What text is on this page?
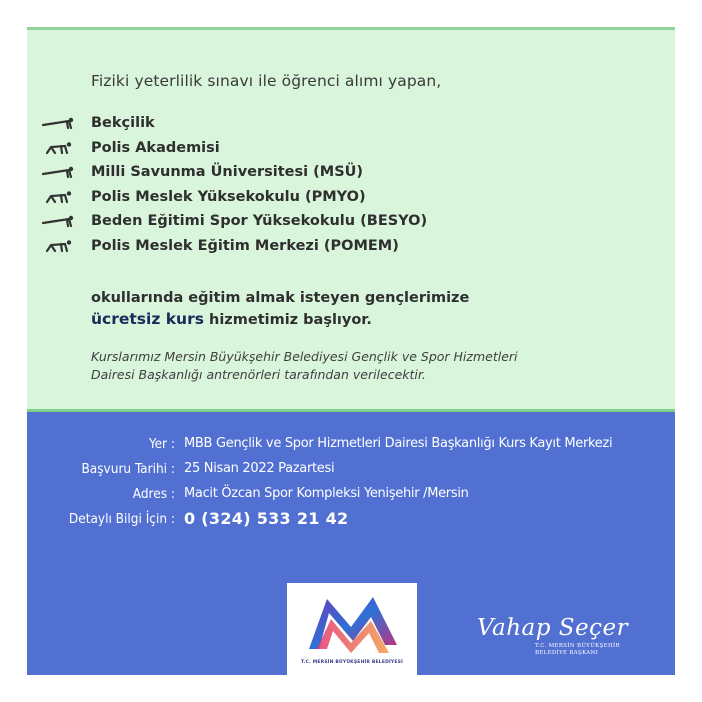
Fiziki yeterlilik sınavı ile öğrenci alımı yapan,
Bekçilik
Polis Akademisi
Milli Savunma Üniversitesi (MSÜ)
Polis Meslek Yüksekokulu (PMYO)
Beden Eğitimi Spor Yüksekokulu (BESYO)
Polis Meslek Eğitim Merkezi (POMEM)
okullarında eğitim almak isteyen gençlerimize
ücretsiz kurs hizmetimiz başlıyor.
Kurslarımız Mersin Büyükşehir Belediyesi Gençlik ve Spor Hizmetleri
Dairesi Başkanlığı antrenörleri tarafından verilecektir.
Yer : MBB Gençlik ve Spor Hizmetleri Dairesi Başkanlığı Kurs Kayıt Merkezi
Başvuru Tarihi : 25 Nisan 2022 Pazartesi
Adres : Macit Özcan Spor Kompleksi Yenişehir /Mersin
Detaylı Bilgi İçin : 0 (324) 533 21 42
T.C. MERSİN BÜYÜKŞEHİR BELEDİYESİ
Vahap Seçer
T.C. MERSİN BÜYÜKŞEHİR
BELEDİYE BAŞKANI
